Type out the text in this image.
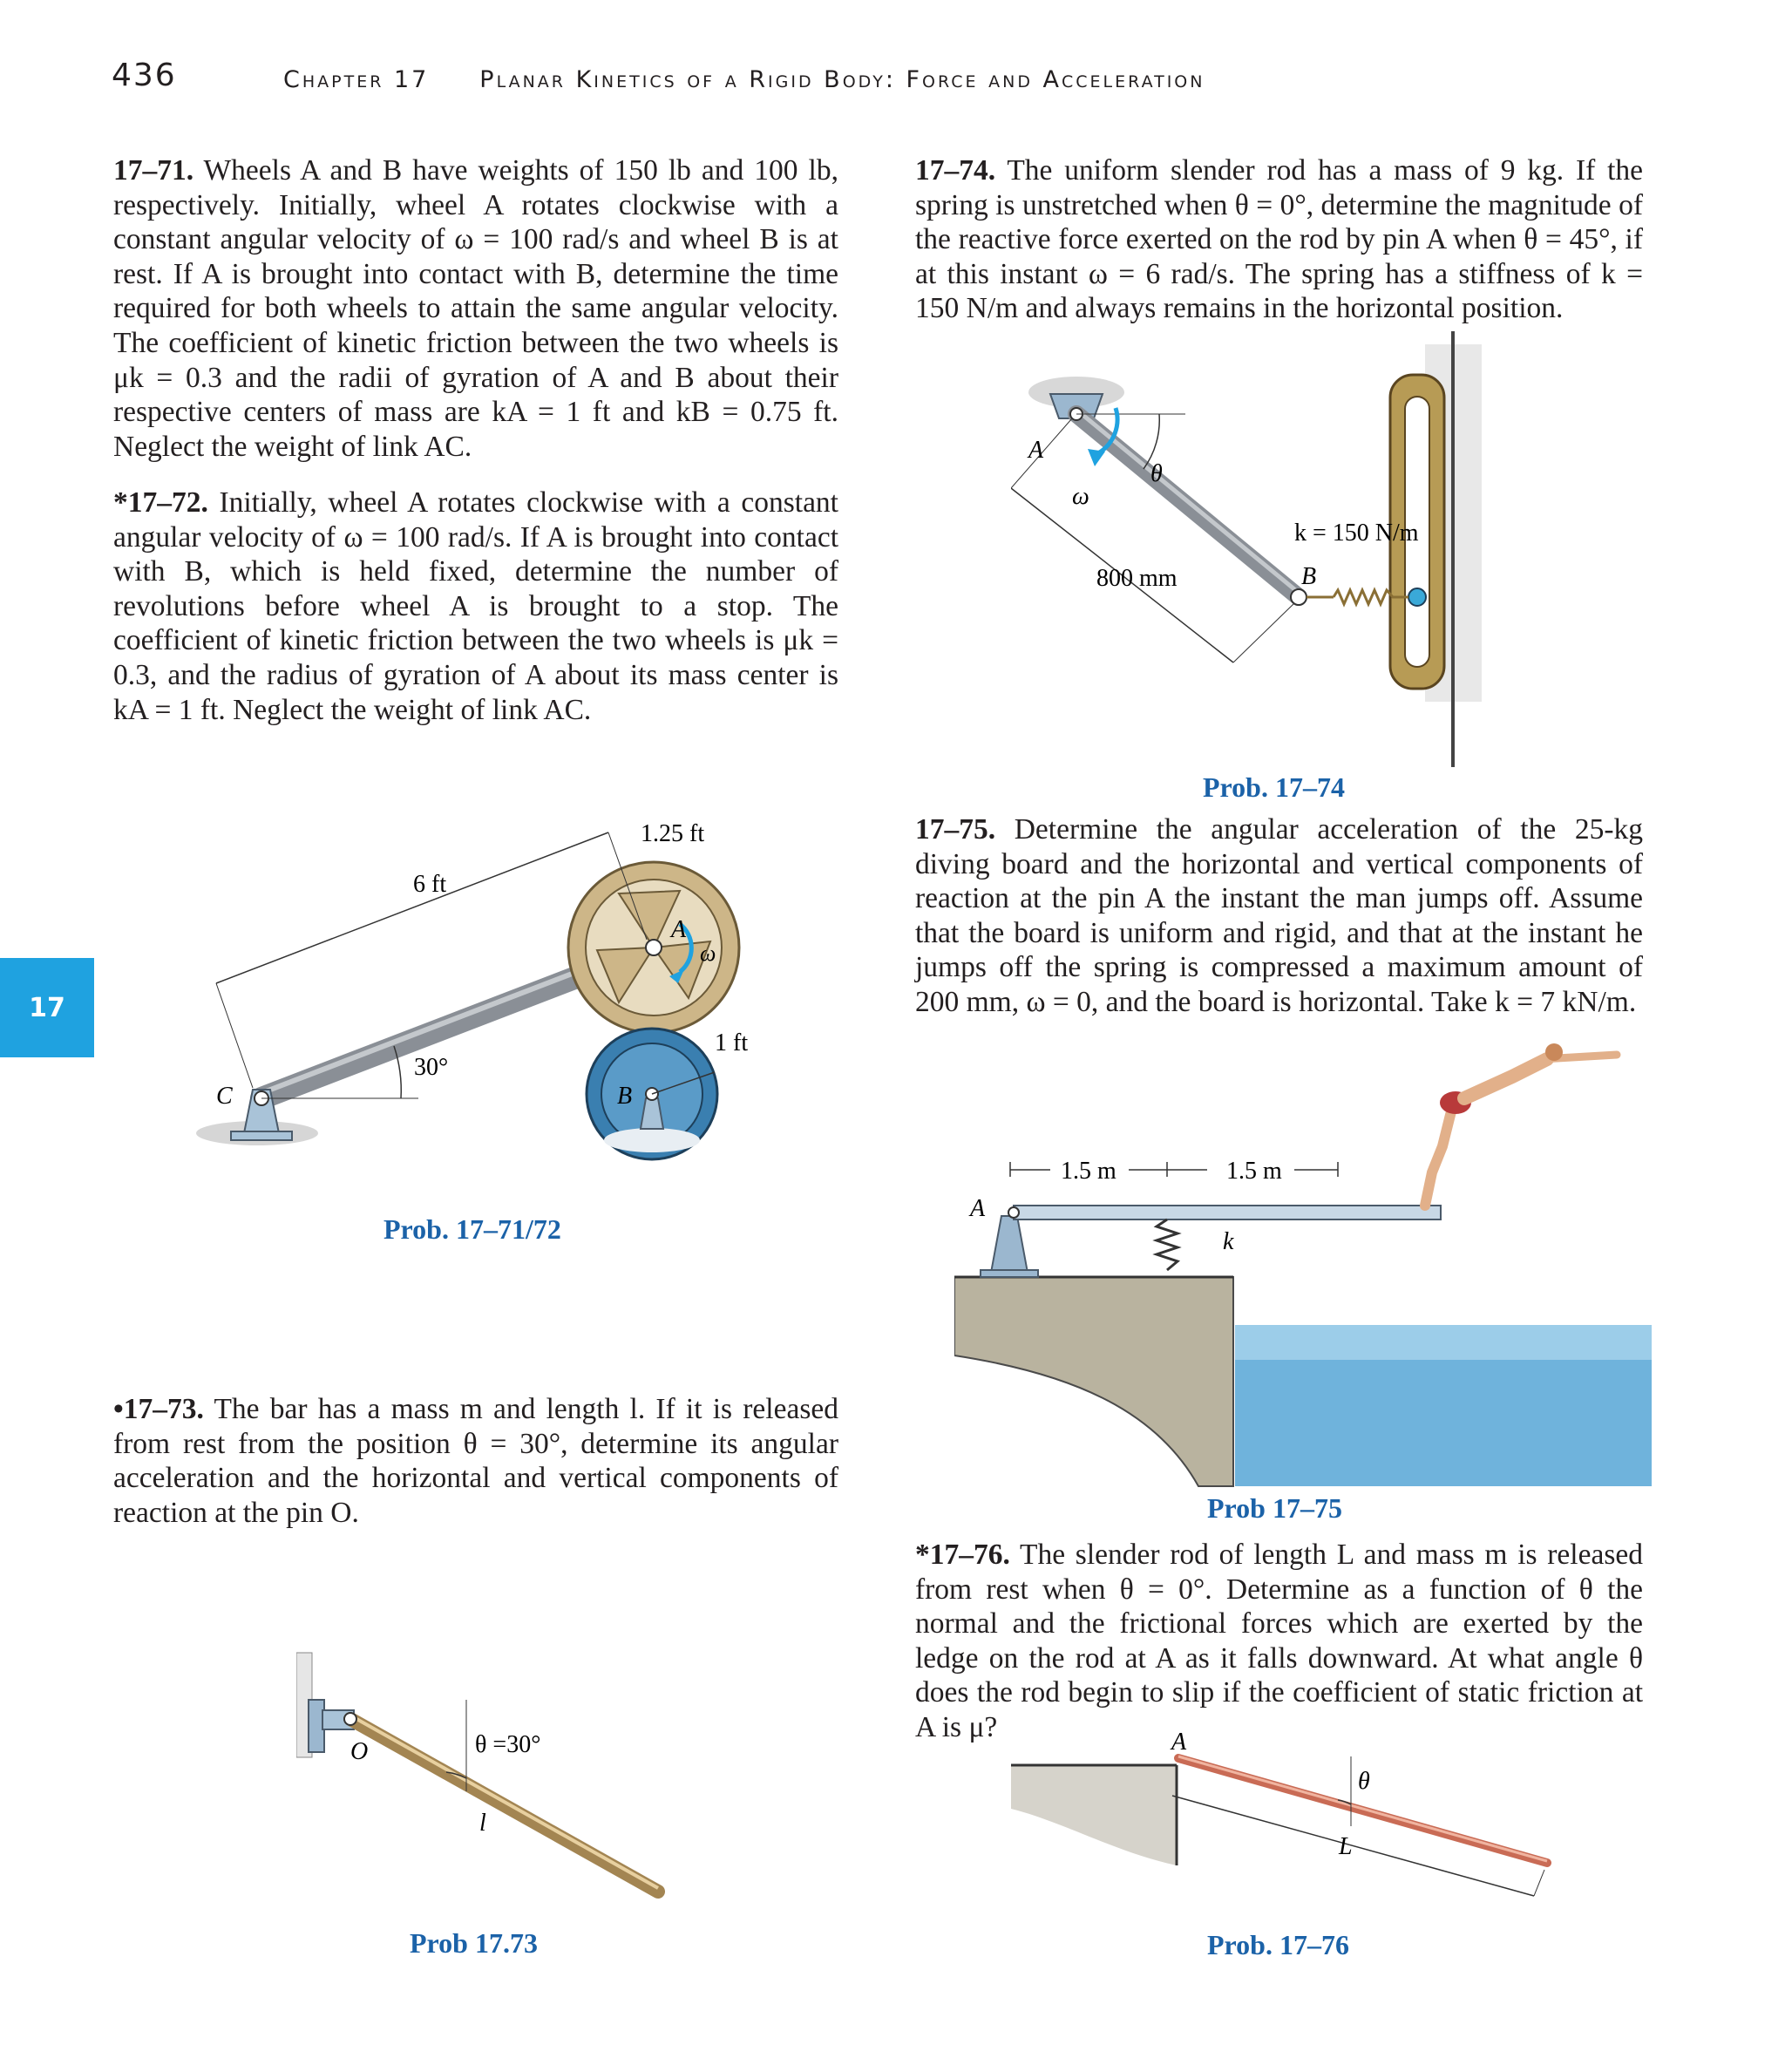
436	Chapter 17 Planar Kinetics of a Rigid Body: Force and Acceleration
17
17–71. Wheels A and B have weights of 150 lb and 100 lb, respectively. Initially, wheel A rotates clockwise with a constant angular velocity of ω = 100 rad/s and wheel B is at rest. If A is brought into contact with B, determine the time required for both wheels to attain the same angular velocity. The coefficient of kinetic friction between the two wheels is μk = 0.3 and the radii of gyration of A and B about their respective centers of mass are kA = 1 ft and kB = 0.75 ft. Neglect the weight of link AC.
*17–72. Initially, wheel A rotates clockwise with a constant angular velocity of ω = 100 rad/s. If A is brought into contact with B, which is held fixed, determine the number of revolutions before wheel A is brought to a stop. The coefficient of kinetic friction between the two wheels is μk = 0.3, and the radius of gyration of A about its mass center is kA = 1 ft. Neglect the weight of link AC.
•17–73. The bar has a mass m and length l. If it is released from rest from the position θ = 30°, determine its angular acceleration and the horizontal and vertical components of reaction at the pin O.
17–74. The uniform slender rod has a mass of 9 kg. If the spring is unstretched when θ = 0°, determine the magnitude of the reactive force exerted on the rod by pin A when θ = 45°, if at this instant ω = 6 rad/s. The spring has a stiffness of k = 150 N/m and always remains in the horizontal position.
17–75. Determine the angular acceleration of the 25-kg diving board and the horizontal and vertical components of reaction at the pin A the instant the man jumps off. Assume that the board is uniform and rigid, and that at the instant he jumps off the spring is compressed a maximum amount of 200 mm, ω = 0, and the board is horizontal. Take k = 7 kN/m.
*17–76. The slender rod of length L and mass m is released from rest when θ = 0°. Determine as a function of θ the normal and the frictional forces which are exerted by the ledge on the rod at A as it falls downward. At what angle θ does the rod begin to slip if the coefficient of static friction at A is μ?
6 ft
1.25 ft
1 ft
30°
A
B
C
ω
Prob. 17–71/72
O	θ =30°
l
Prob 17.73
A
θ
ω
k = 150 N/m
B
800 mm
Prob. 17–74
1.5 m	1.5 m
A
k
Prob 17–75
A
θ
L
Prob. 17–76
